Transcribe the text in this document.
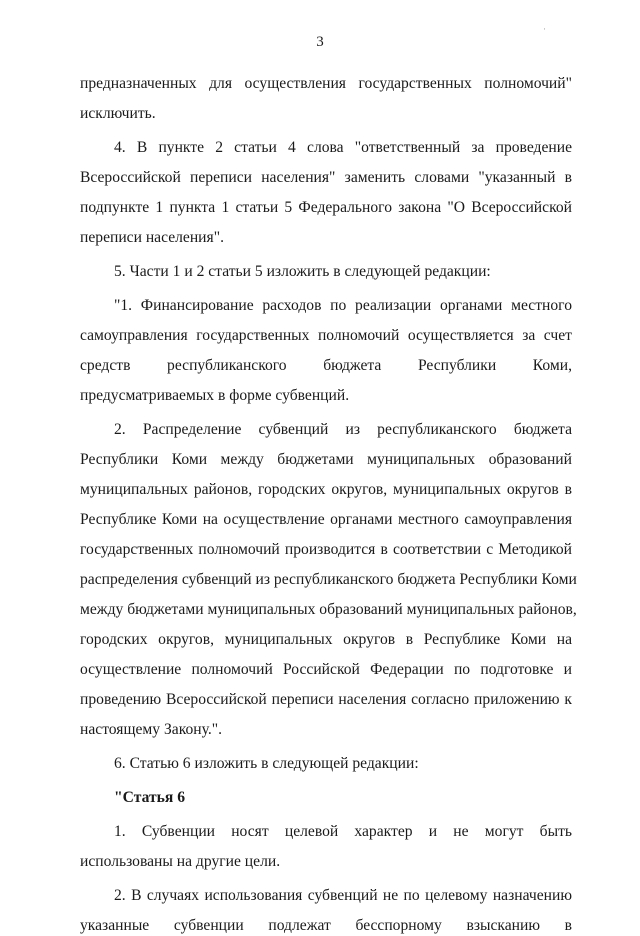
3
·
предназначенных для осуществления государственных полномочий"
исключить.
4. В пункте 2 статьи 4 слова "ответственный за проведение
Всероссийской переписи населения" заменить словами "указанный в
подпункте 1 пункта 1 статьи 5 Федерального закона "О Всероссийской
переписи населения".
5. Части 1 и 2 статьи 5 изложить в следующей редакции:
"1. Финансирование расходов по реализации органами местного
самоуправления государственных полномочий осуществляется за счет
средств республиканского бюджета Республики Коми,
предусматриваемых в форме субвенций.
2. Распределение субвенций из республиканского бюджета
Республики Коми между бюджетами муниципальных образований
муниципальных районов, городских округов, муниципальных округов в
Республике Коми на осуществление органами местного самоуправления
государственных полномочий производится в соответствии с Методикой
распределения субвенций из республиканского бюджета Республики Коми
между бюджетами муниципальных образований муниципальных районов,
городских округов, муниципальных округов в Республике Коми на
осуществление полномочий Российской Федерации по подготовке и
проведению Всероссийской переписи населения согласно приложению к
настоящему Закону.".
6. Статью 6 изложить в следующей редакции:
"Статья 6
1. Субвенции носят целевой характер и не могут быть
использованы на другие цели.
2. В случаях использования субвенций не по целевому назначению
указанные субвенции подлежат бесспорному взысканию в
